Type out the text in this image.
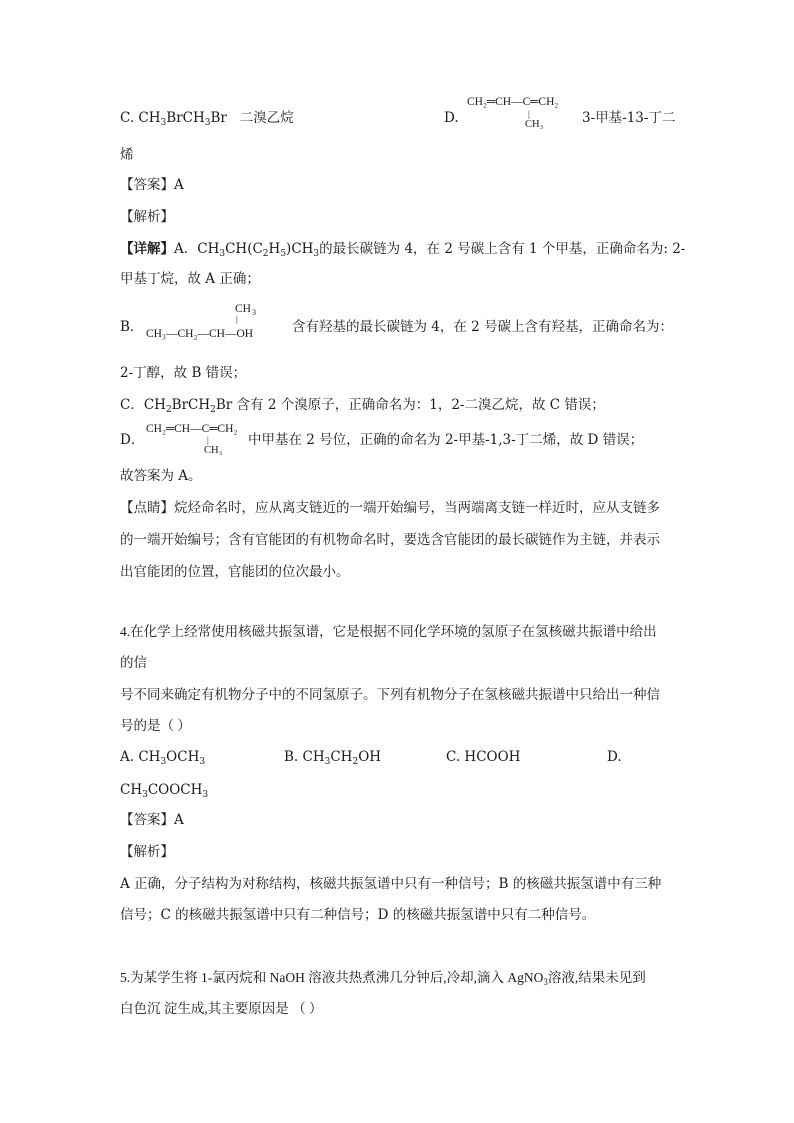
C. $CH_3BrCH_3Br$ 二溴乙烷	D.
CH₂═CH—C═CH₂
|
CH₃	3-甲基-13-丁二
烯
【答案】A
【解析】
【详解】A．$CH_3CH(C_2H_5)CH_3$的最长碳链为 4，在 2 号碳上含有 1 个甲基，正确命名为: 2-
甲基丁烷，故 A 正确；
B．
CH 3
|
CH₃—CH₂—CH—OH	含有羟基的最长碳链为 4，在 2 号碳上含有羟基，正确命名为：
2-丁醇，故 B 错误；
C．$CH_2BrCH_2Br$ 含有 2 个溴原子，正确命名为：1，2-二溴乙烷，故 C 错误；
D．
CH₂═CH—C═CH₂
|
CH₃
中甲基在 2 号位，正确的命名为 2-甲基-1,3-丁二烯，故 D 错误；
故答案为 A。
【点睛】烷烃命名时，应从离支链近的一端开始编号，当两端离支链一样近时，应从支链多
的一端开始编号；含有官能团的有机物命名时，要选含官能团的最长碳链作为主链，并表示
出官能团的位置，官能团的位次最小。
4.在化学上经常使用核磁共振氢谱，它是根据不同化学环境的氢原子在氢核磁共振谱中给出
的信
号不同来确定有机物分子中的不同氢原子。下列有机物分子在氢核磁共振谱中只给出一种信
号的是（ ）
A. $CH_3OCH_3$	B. $CH_3CH_2OH$	C. HCOOH	D.
$CH_3COOCH_3$
【答案】A
【解析】
A 正确，分子结构为对称结构，核磁共振氢谱中只有一种信号；B 的核磁共振氢谱中有三种
信号；C 的核磁共振氢谱中只有二种信号；D 的核磁共振氢谱中只有二种信号。
5.为某学生将 1-氯丙烷和 NaOH 溶液共热煮沸几分钟后,冷却,滴入 AgNO$_3$溶液,结果未见到
白色沉 淀生成,其主要原因是 （ ）
